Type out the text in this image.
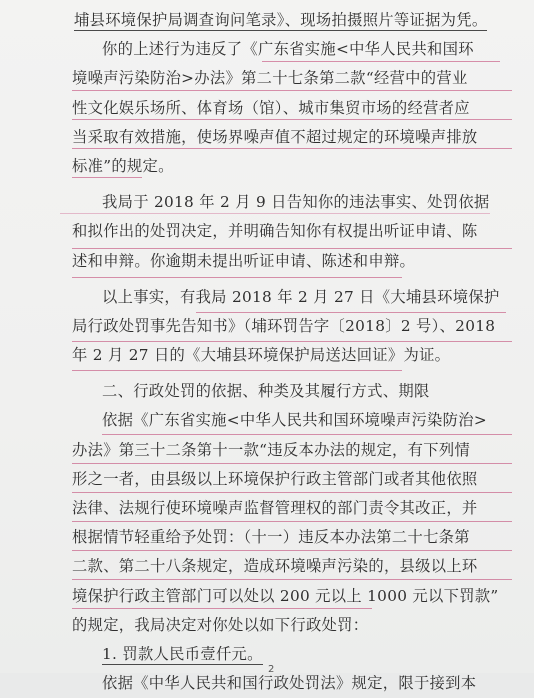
埔县环境保护局调查询问笔录》、现场拍摄照片等证据为凭。
你的上述行为违反了《广东省实施<中华人民共和国环
境噪声污染防治>办法》第二十七条第二款“经营中的营业
性文化娱乐场所、体育场（馆）、城市集贸市场的经营者应
当采取有效措施，使场界噪声值不超过规定的环境噪声排放
标准”的规定。
我局于 2018 年 2 月 9 日告知你的违法事实、处罚依据
和拟作出的处罚决定，并明确告知你有权提出听证申请、陈
述和申辩。你逾期未提出听证申请、陈述和申辩。
以上事实，有我局 2018 年 2 月 27 日《大埔县环境保护
局行政处罚事先告知书》（埔环罚告字〔2018〕2 号）、2018
年 2 月 27 日的《大埔县环境保护局送达回证》为证。
二、行政处罚的依据、种类及其履行方式、期限
依据《广东省实施<中华人民共和国环境噪声污染防治>
办法》第三十二条第十一款“违反本办法的规定，有下列情
形之一者，由县级以上环境保护行政主管部门或者其他依照
法律、法规行使环境噪声监督管理权的部门责令其改正，并
根据情节轻重给予处罚：（十一）违反本办法第二十七条第
二款、第二十八条规定，造成环境噪声污染的，县级以上环
境保护行政主管部门可以处以 200 元以上 1000 元以下罚款”
的规定，我局决定对你处以如下行政处罚：
1. 罚款人民币壹仟元。
依据《中华人民共和国行政处罚法》规定，限于接到本
2
